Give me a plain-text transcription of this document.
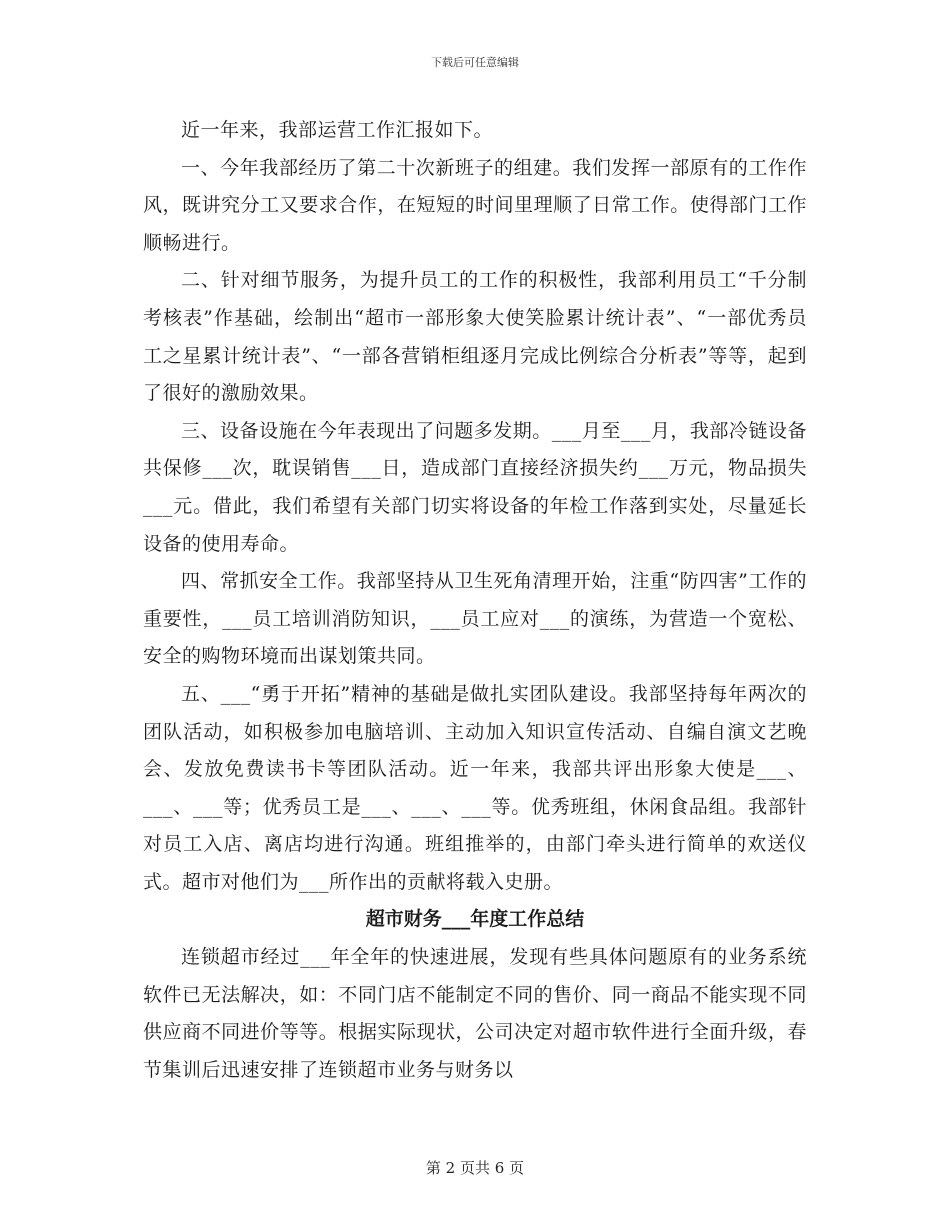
下载后可任意编辑

近一年来，我部运营工作汇报如下。

一、今年我部经历了第二十次新班子的组建。我们发挥一部原有的工作作风，既讲究分工又要求合作，在短短的时间里理顺了日常工作。使得部门工作顺畅进行。

二、针对细节服务，为提升员工的工作的积极性，我部利用员工“千分制考核表”作基础，绘制出“超市一部形象大使笑脸累计统计表”、“一部优秀员工之星累计统计表”、“一部各营销柜组逐月完成比例综合分析表”等等，起到了很好的激励效果。

三、设备设施在今年表现出了问题多发期。___月至___月，我部冷链设备共保修___次，耽误销售___日，造成部门直接经济损失约___万元，物品损失___元。借此，我们希望有关部门切实将设备的年检工作落到实处，尽量延长设备的使用寿命。

四、常抓安全工作。我部坚持从卫生死角清理开始，注重“防四害”工作的重要性，___员工培训消防知识，___员工应对___的演练，为营造一个宽松、安全的购物环境而出谋划策共同。

五、___“勇于开拓”精神的基础是做扎实团队建设。我部坚持每年两次的团队活动，如积极参加电脑培训、主动加入知识宣传活动、自编自演文艺晚会、发放免费读书卡等团队活动。近一年来，我部共评出形象大使是___、___、___等；优秀员工是___、___、___等。优秀班组，休闲食品组。我部针对员工入店、离店均进行沟通。班组推举的，由部门牵头进行简单的欢送仪式。超市对他们为___所作出的贡献将载入史册。

超市财务___年度工作总结

连锁超市经过___年全年的快速进展，发现有些具体问题原有的业务系统软件已无法解决，如：不同门店不能制定不同的售价、同一商品不能实现不同供应商不同进价等等。根据实际现状，公司决定对超市软件进行全面升级，春节集训后迅速安排了连锁超市业务与财务以

第 2 页共 6 页
